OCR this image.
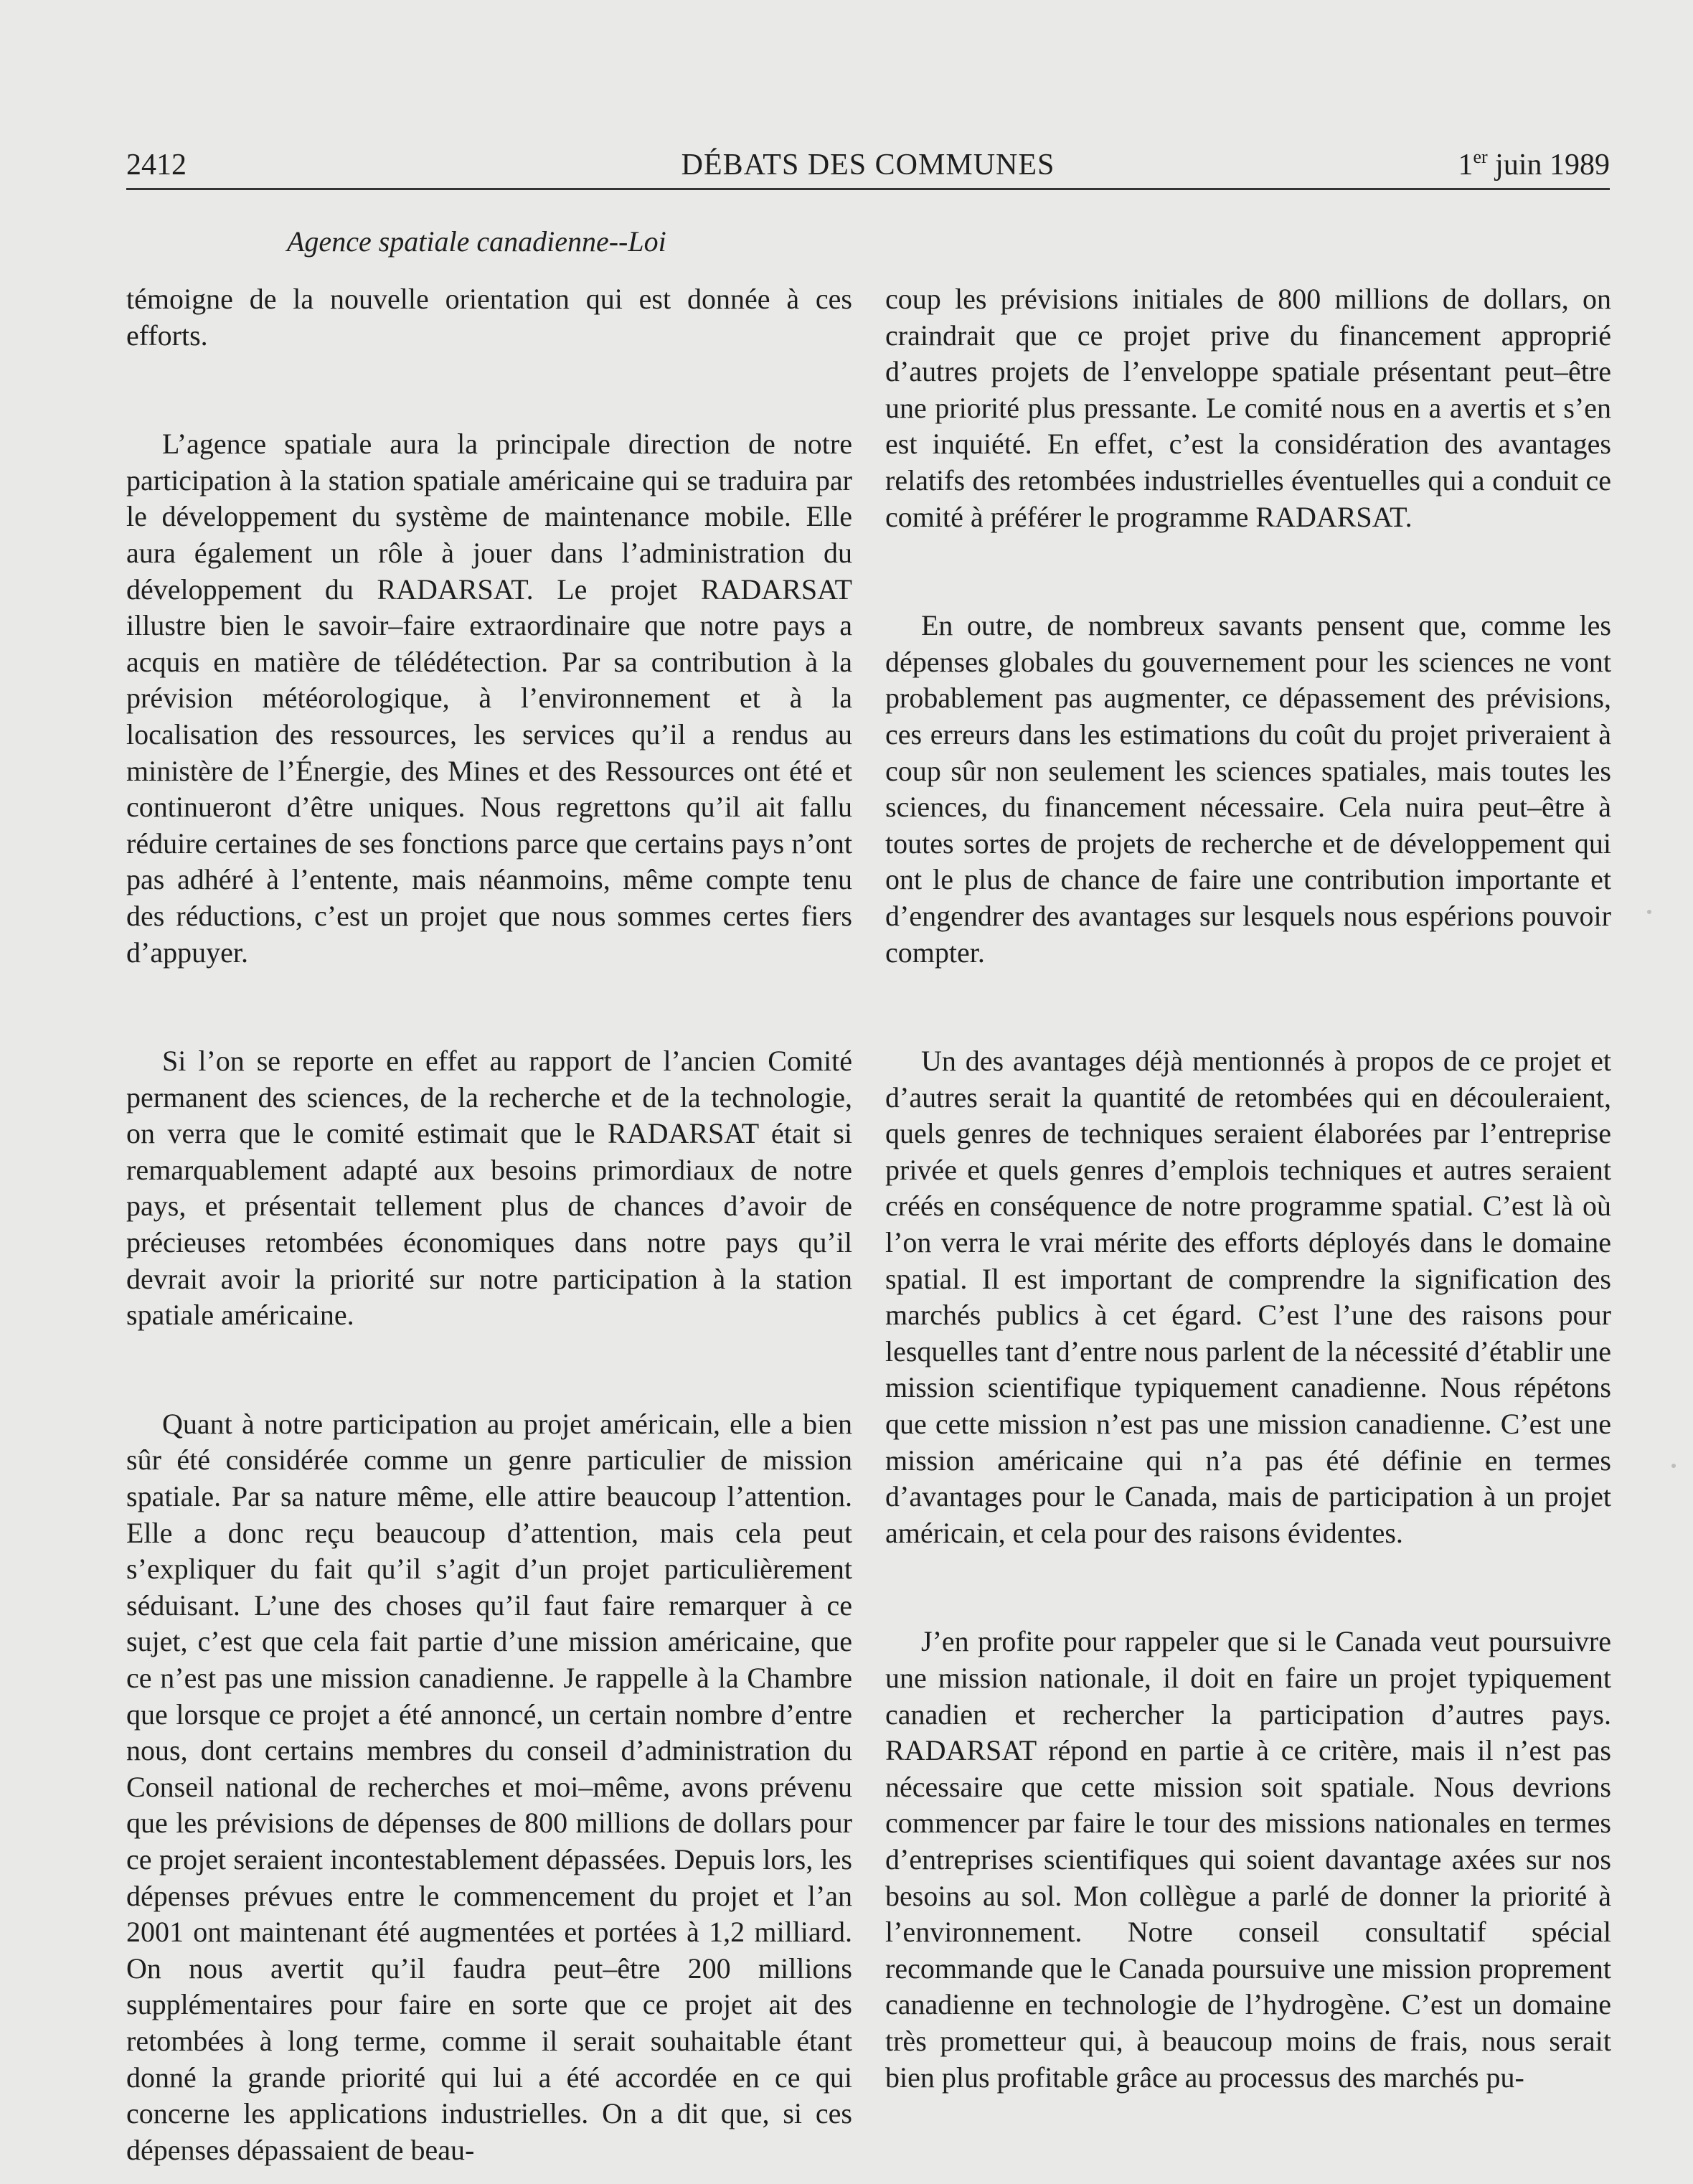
2412	DÉBATS DES COMMUNES	1er juin 1989
Agence spatiale canadienne--Loi

témoigne de la nouvelle orientation qui est donnée à ces efforts.

L’agence spatiale aura la principale direction de notre participation à la station spatiale américaine qui se traduira par le développement du système de maintenance mobile. Elle aura également un rôle à jouer dans l’administration du développement du RADARSAT. Le projet RADARSAT illustre bien le savoir–faire extraordinaire que notre pays a acquis en matière de télédétection. Par sa contribution à la prévision météorologique, à l’environnement et à la localisation des ressources, les services qu’il a rendus au ministère de l’Énergie, des Mines et des Ressources ont été et continueront d’être uniques. Nous regrettons qu’il ait fallu réduire certaines de ses fonctions parce que certains pays n’ont pas adhéré à l’entente, mais néanmoins, même compte tenu des réductions, c’est un projet que nous sommes certes fiers d’appuyer.

Si l’on se reporte en effet au rapport de l’ancien Comité permanent des sciences, de la recherche et de la technologie, on verra que le comité estimait que le RADARSAT était si remarquablement adapté aux besoins primordiaux de notre pays, et présentait tellement plus de chances d’avoir de précieuses retombées économiques dans notre pays qu’il devrait avoir la priorité sur notre participation à la station spatiale américaine.

Quant à notre participation au projet américain, elle a bien sûr été considérée comme un genre particulier de mission spatiale. Par sa nature même, elle attire beaucoup l’attention. Elle a donc reçu beaucoup d’attention, mais cela peut s’expliquer du fait qu’il s’agit d’un projet particulièrement séduisant. L’une des choses qu’il faut faire remarquer à ce sujet, c’est que cela fait partie d’une mission américaine, que ce n’est pas une mission canadienne. Je rappelle à la Chambre que lorsque ce projet a été annoncé, un certain nombre d’entre nous, dont certains membres du conseil d’administration du Conseil national de recherches et moi–même, avons prévenu que les prévisions de dépenses de 800 millions de dollars pour ce projet seraient incontestablement dépassées. Depuis lors, les dépenses prévues entre le commencement du projet et l’an 2001 ont maintenant été augmentées et portées à 1,2 milliard. On nous avertit qu’il faudra peut–être 200 millions supplémentaires pour faire en sorte que ce projet ait des retombées à long terme, comme il serait souhaitable étant donné la grande priorité qui lui a été accordée en ce qui concerne les applications industrielles. On a dit que, si ces dépenses dépassaient de beau-

coup les prévisions initiales de 800 millions de dollars, on craindrait que ce projet prive du financement approprié d’autres projets de l’enveloppe spatiale présentant peut–être une priorité plus pressante. Le comité nous en a avertis et s’en est inquiété. En effet, c’est la considération des avantages relatifs des retombées industrielles éventuelles qui a conduit ce comité à préférer le programme RADARSAT.

En outre, de nombreux savants pensent que, comme les dépenses globales du gouvernement pour les sciences ne vont probablement pas augmenter, ce dépassement des prévisions, ces erreurs dans les estimations du coût du projet priveraient à coup sûr non seulement les sciences spatiales, mais toutes les sciences, du financement nécessaire. Cela nuira peut–être à toutes sortes de projets de recherche et de développement qui ont le plus de chance de faire une contribution importante et d’engendrer des avantages sur lesquels nous espérions pouvoir compter.

Un des avantages déjà mentionnés à propos de ce projet et d’autres serait la quantité de retombées qui en découleraient, quels genres de techniques seraient élaborées par l’entreprise privée et quels genres d’emplois techniques et autres seraient créés en conséquence de notre programme spatial. C’est là où l’on verra le vrai mérite des efforts déployés dans le domaine spatial. Il est important de comprendre la signification des marchés publics à cet égard. C’est l’une des raisons pour lesquelles tant d’entre nous parlent de la nécessité d’établir une mission scientifique typiquement canadienne. Nous répétons que cette mission n’est pas une mission canadienne. C’est une mission américaine qui n’a pas été définie en termes d’avantages pour le Canada, mais de participation à un projet américain, et cela pour des raisons évidentes.

J’en profite pour rappeler que si le Canada veut poursuivre une mission nationale, il doit en faire un projet typiquement canadien et rechercher la participation d’autres pays. RADARSAT répond en partie à ce critère, mais il n’est pas nécessaire que cette mission soit spatiale. Nous devrions commencer par faire le tour des missions nationales en termes d’entreprises scientifiques qui soient davantage axées sur nos besoins au sol. Mon collègue a parlé de donner la priorité à l’environnement. Notre conseil consultatif spécial recommande que le Canada poursuive une mission proprement canadienne en technologie de l’hydrogène. C’est un domaine très prometteur qui, à beaucoup moins de frais, nous serait bien plus profitable grâce au processus des marchés pu-
